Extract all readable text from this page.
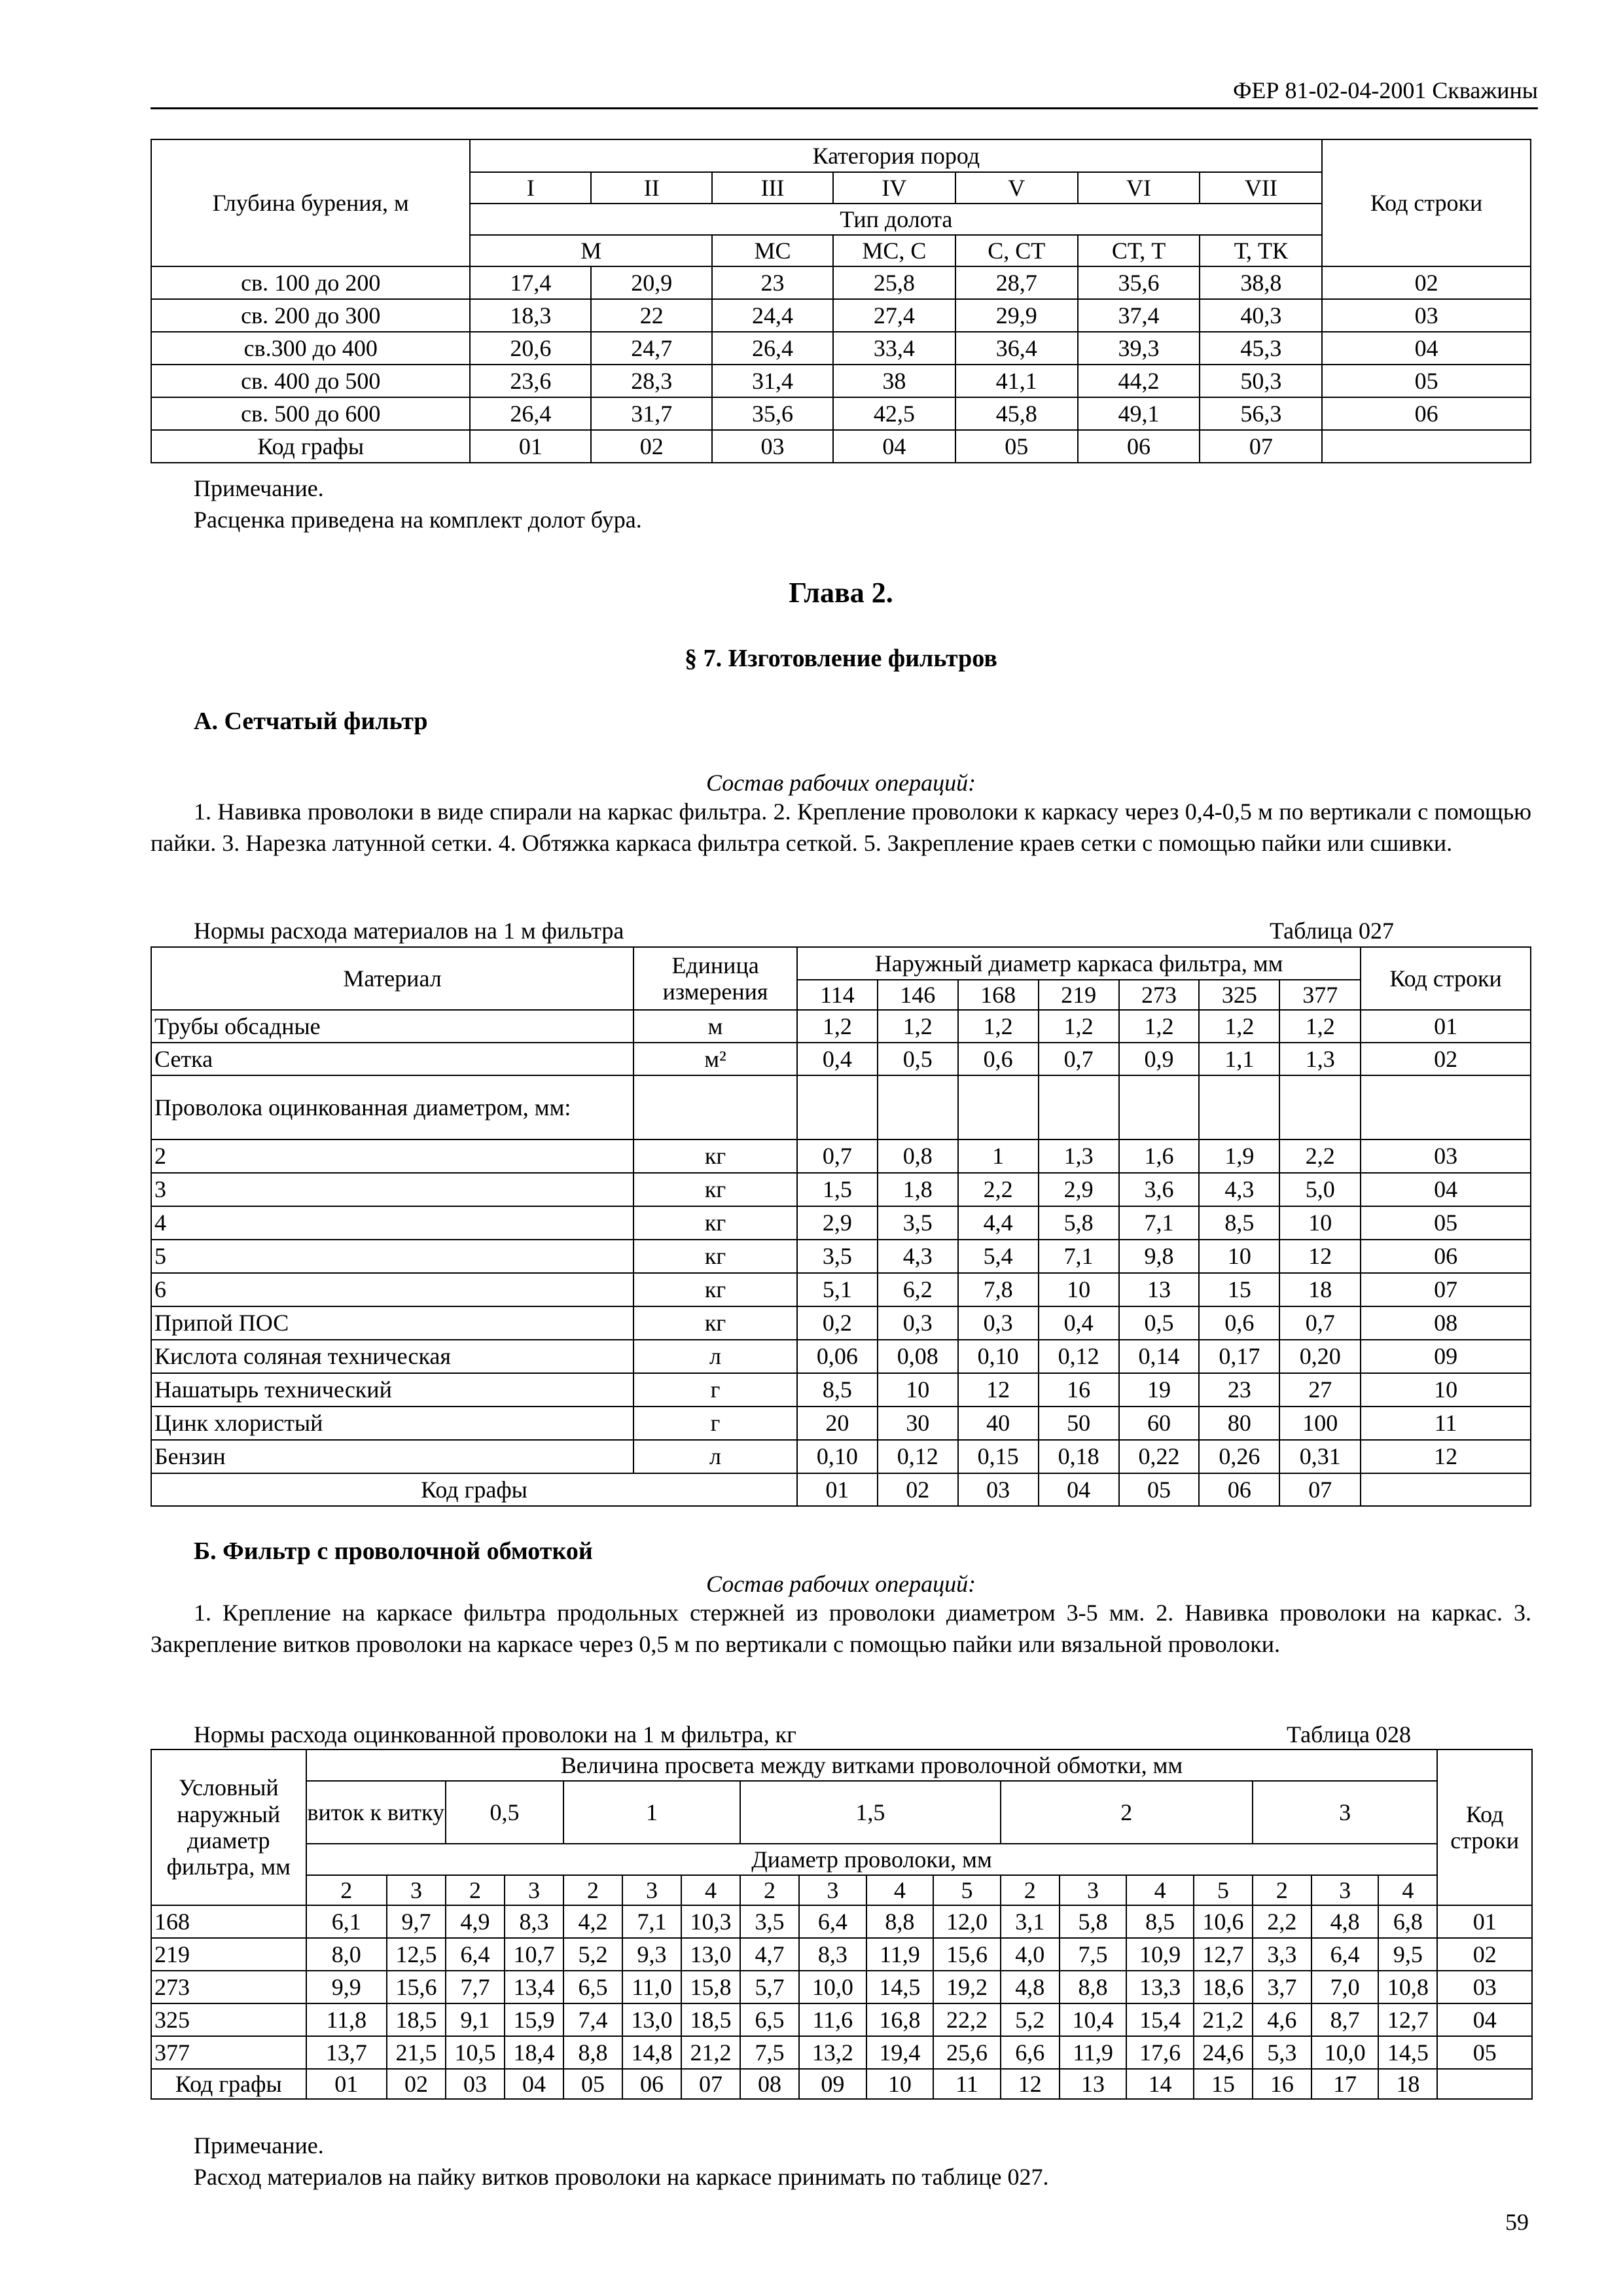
ФЕР 81-02-04-2001 Скважины
Глубина бурения, м	Категория пород							Код строки
	I	II	III	IV	V	VI	VII	
	Тип долота							
	М		МС	МС, С	С, СТ	СТ, Т	Т, ТК	
св. 100 до 200	17,4	20,9	23	25,8	28,7	35,6	38,8	02
св. 200 до 300	18,3	22	24,4	27,4	29,9	37,4	40,3	03
св.300 до 400	20,6	24,7	26,4	33,4	36,4	39,3	45,3	04
св. 400 до 500	23,6	28,3	31,4	38	41,1	44,2	50,3	05
св. 500 до 600	26,4	31,7	35,6	42,5	45,8	49,1	56,3	06
Код графы	01	02	03	04	05	06	07	
Примечание.
Расценка приведена на комплект долот бура.
Глава 2.
§ 7. Изготовление фильтров
А. Сетчатый фильтр
Состав рабочих операций:
1. Навивка проволоки в виде спирали на каркас фильтра. 2. Крепление проволоки к каркасу через 0,4-0,5 м по вертикали с помощью пайки. 3. Нарезка латунной сетки. 4. Обтяжка каркаса фильтра сеткой. 5. Закрепление краев сетки с помощью пайки или сшивки.
Нормы расхода материалов на 1 м фильтра	Таблица 027
Материал	Единица измерения	Наружный диаметр каркаса фильтра, мм							Код строки
		114	146	168	219	273	325	377	
Трубы обсадные	м	1,2	1,2	1,2	1,2	1,2	1,2	1,2	01
Сетка	м²	0,4	0,5	0,6	0,7	0,9	1,1	1,3	02
Проволока оцинкованная диаметром, мм:									
2	кг	0,7	0,8	1	1,3	1,6	1,9	2,2	03
3	кг	1,5	1,8	2,2	2,9	3,6	4,3	5,0	04
4	кг	2,9	3,5	4,4	5,8	7,1	8,5	10	05
5	кг	3,5	4,3	5,4	7,1	9,8	10	12	06
6	кг	5,1	6,2	7,8	10	13	15	18	07
Припой ПОС	кг	0,2	0,3	0,3	0,4	0,5	0,6	0,7	08
Кислота соляная техническая	л	0,06	0,08	0,10	0,12	0,14	0,17	0,20	09
Нашатырь технический	г	8,5	10	12	16	19	23	27	10
Цинк хлористый	г	20	30	40	50	60	80	100	11
Бензин	л	0,10	0,12	0,15	0,18	0,22	0,26	0,31	12
Код графы		01	02	03	04	05	06	07	
Б. Фильтр с проволочной обмоткой
Состав рабочих операций:
1. Крепление на каркасе фильтра продольных стержней из проволоки диаметром 3-5 мм. 2. Навивка проволоки на каркас. 3. Закрепление витков проволоки на каркасе через 0,5 м по вертикали с помощью пайки или вязальной проволоки.
Нормы расхода оцинкованной проволоки на 1 м фильтра, кг	Таблица 028
Условный наружный диаметр фильтра, мм	Величина просвета между витками проволочной обмотки, мм																		Код строки
	виток к витку		0,5		1			1,5				2				3			
	Диаметр проволоки, мм																		
	2	3	2	3	2	3	4	2	3	4	5	2	3	4	5	2	3	4	
168	6,1	9,7	4,9	8,3	4,2	7,1	10,3	3,5	6,4	8,8	12,0	3,1	5,8	8,5	10,6	2,2	4,8	6,8	01
219	8,0	12,5	6,4	10,7	5,2	9,3	13,0	4,7	8,3	11,9	15,6	4,0	7,5	10,9	12,7	3,3	6,4	9,5	02
273	9,9	15,6	7,7	13,4	6,5	11,0	15,8	5,7	10,0	14,5	19,2	4,8	8,8	13,3	18,6	3,7	7,0	10,8	03
325	11,8	18,5	9,1	15,9	7,4	13,0	18,5	6,5	11,6	16,8	22,2	5,2	10,4	15,4	21,2	4,6	8,7	12,7	04
377	13,7	21,5	10,5	18,4	8,8	14,8	21,2	7,5	13,2	19,4	25,6	6,6	11,9	17,6	24,6	5,3	10,0	14,5	05
Код графы	01	02	03	04	05	06	07	08	09	10	11	12	13	14	15	16	17	18	
Примечание.
Расход материалов на пайку витков проволоки на каркасе принимать по таблице 027.
59
